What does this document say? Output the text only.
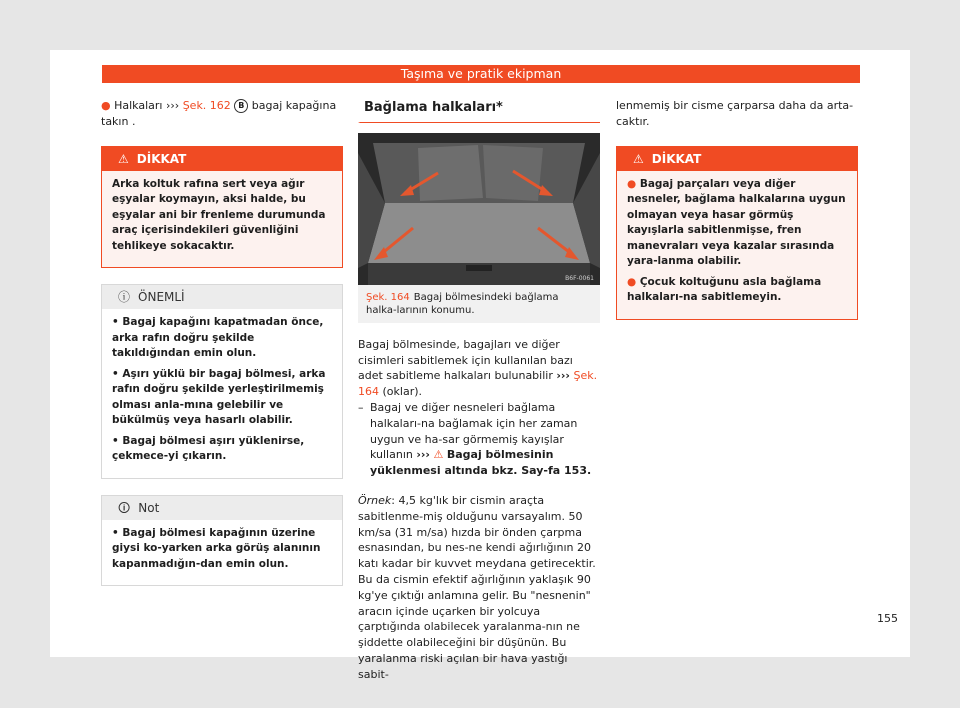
Taşıma ve pratik ekipman
● Halkaları ››› Şek. 162 B bagaj kapağına takın .
⚠ DİKKAT

Arka koltuk rafına sert veya ağır eşyalar koymayın, aksi halde, bu eşyalar ani bir frenleme durumunda araç içerisindekileri güvenliğini tehlikeye sokacaktır.

ⓘ ÖNEMLİ

• Bagaj kapağını kapatmadan önce, arka rafın doğru şekilde takıldığından emin olun.

• Aşırı yüklü bir bagaj bölmesi, arka rafın doğru şekilde yerleştirilmemiş olması anla-mına gelebilir ve bükülmüş veya hasarlı olabilir.

• Bagaj bölmesi aşırı yüklenirse, çekmece-yi çıkarın.

🛈 Not

• Bagaj bölmesi kapağının üzerine giysi ko-yarken arka görüş alanının kapanmadığın-dan emin olun.

Bağlama halkaları*
B6F-0061
Şek. 164 Bagaj bölmesindeki bağlama halka-larının konumu.

Bagaj bölmesinde, bagajları ve diğer cisimleri sabitlemek için kullanılan bazı adet sabitleme halkaları bulunabilir ››› Şek. 164 (oklar).

– Bagaj ve diğer nesneleri bağlama halkaları-na bağlamak için her zaman uygun ve ha-sar görmemiş kayışlar kullanın ››› ⚠ Bagaj bölmesinin yüklenmesi altında bkz. Say-fa 153.

Örnek: 4,5 kg'lık bir cismin araçta sabitlenme-miş olduğunu varsayalım. 50 km/sa (31 m/sa) hızda bir önden çarpma esnasından, bu nes-ne kendi ağırlığının 20 katı kadar bir kuvvet meydana getirecektir. Bu da cismin efektif ağırlığının yaklaşık 90 kg'ye çıktığı anlamına gelir. Bu "nesnenin" aracın içinde uçarken bir yolcuya çarptığında olabilecek yaralanma-nın ne şiddette olabileceğini bir düşünün. Bu yaralanma riski açılan bir hava yastığı sabit-

lenmemiş bir cisme çarparsa daha da arta-caktır.
⚠ DİKKAT

● Bagaj parçaları veya diğer nesneler, bağlama halkalarına uygun olmayan veya hasar görmüş kayışlarla sabitlenmişse, fren manevraları veya kazalar sırasında yara-lanma olabilir.

● Çocuk koltuğunu asla bağlama halkaları-na sabitlemeyin.

155
